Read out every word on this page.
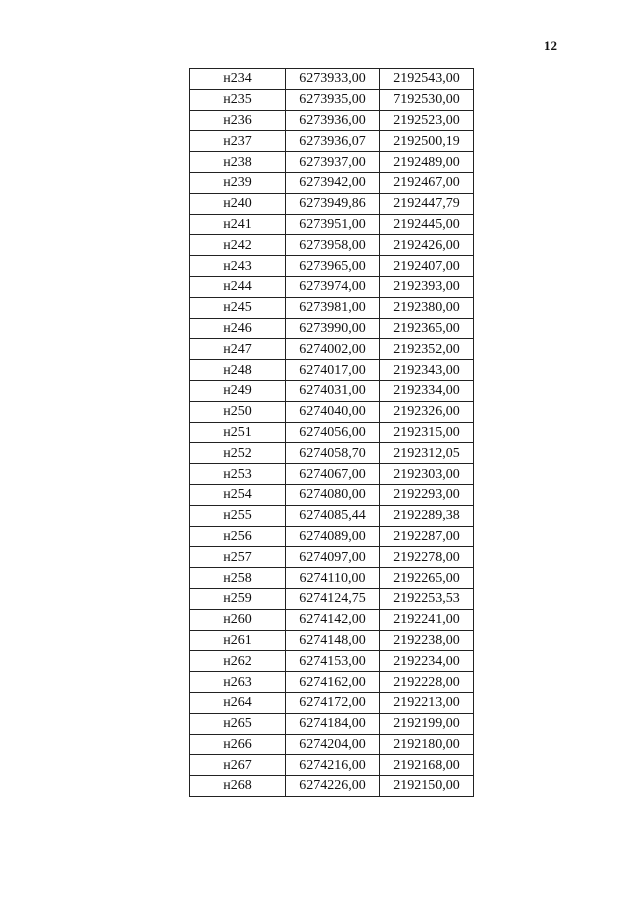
12
н234	6273933,00	2192543,00
н235	6273935,00	7192530,00
н236	6273936,00	2192523,00
н237	6273936,07	2192500,19
н238	6273937,00	2192489,00
н239	6273942,00	2192467,00
н240	6273949,86	2192447,79
н241	6273951,00	2192445,00
н242	6273958,00	2192426,00
н243	6273965,00	2192407,00
н244	6273974,00	2192393,00
н245	6273981,00	2192380,00
н246	6273990,00	2192365,00
н247	6274002,00	2192352,00
н248	6274017,00	2192343,00
н249	6274031,00	2192334,00
н250	6274040,00	2192326,00
н251	6274056,00	2192315,00
н252	6274058,70	2192312,05
н253	6274067,00	2192303,00
н254	6274080,00	2192293,00
н255	6274085,44	2192289,38
н256	6274089,00	2192287,00
н257	6274097,00	2192278,00
н258	6274110,00	2192265,00
н259	6274124,75	2192253,53
н260	6274142,00	2192241,00
н261	6274148,00	2192238,00
н262	6274153,00	2192234,00
н263	6274162,00	2192228,00
н264	6274172,00	2192213,00
н265	6274184,00	2192199,00
н266	6274204,00	2192180,00
н267	6274216,00	2192168,00
н268	6274226,00	2192150,00
